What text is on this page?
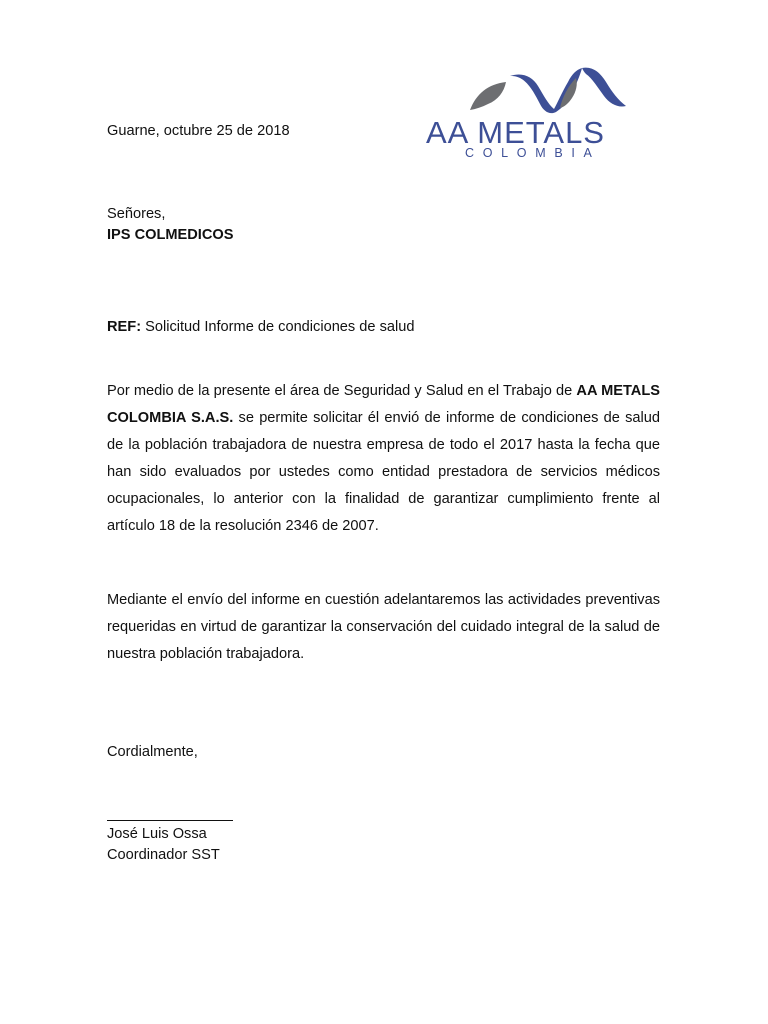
Guarne, octubre 25 de 2018	AA METALS
COLOMBIA
Señores,
IPS COLMEDICOS
REF: Solicitud Informe de condiciones de salud
Por medio de la presente el área de Seguridad y Salud en el Trabajo de AA METALS COLOMBIA S.A.S. se permite solicitar él envió de informe de condiciones de salud de la población trabajadora de nuestra empresa de todo el 2017 hasta la fecha que han sido evaluados por ustedes como entidad prestadora de servicios médicos ocupacionales, lo anterior con la finalidad de garantizar cumplimiento frente al artículo 18 de la resolución 2346 de 2007.
Mediante el envío del informe en cuestión adelantaremos las actividades preventivas requeridas en virtud de garantizar la conservación del cuidado integral de la salud de nuestra población trabajadora.
Cordialmente,
José Luis Ossa
Coordinador SST
